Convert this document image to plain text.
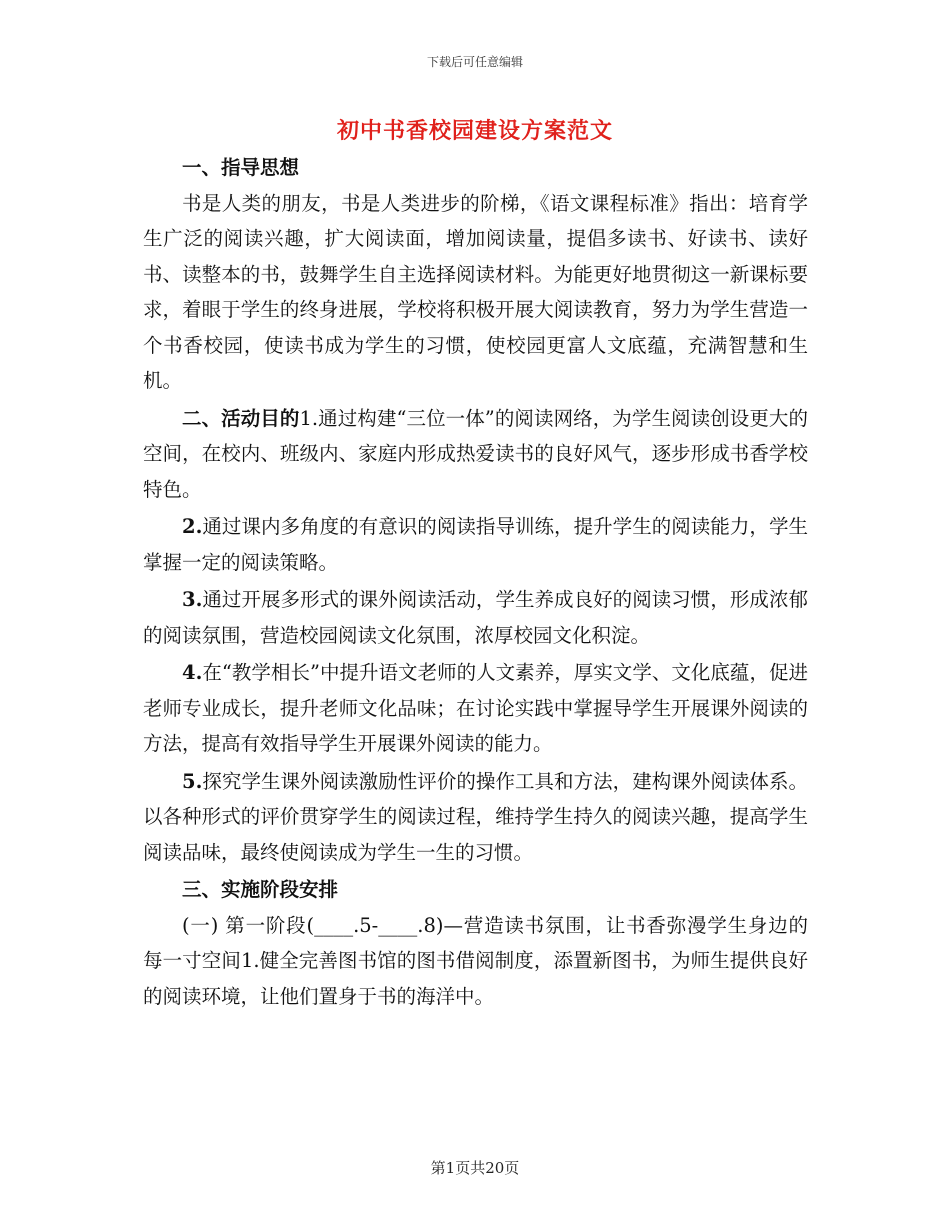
下载后可任意编辑
初中书香校园建设方案范文

一、指导思想

书是人类的朋友，书是人类进步的阶梯，《语文课程标准》指出：培育学生广泛的阅读兴趣，扩大阅读面，增加阅读量，提倡多读书、好读书、读好书、读整本的书，鼓舞学生自主选择阅读材料。为能更好地贯彻这一新课标要求，着眼于学生的终身进展，学校将积极开展大阅读教育，努力为学生营造一个书香校园，使读书成为学生的习惯，使校园更富人文底蕴，充满智慧和生机。

二、活动目的1.通过构建“三位一体”的阅读网络，为学生阅读创设更大的空间，在校内、班级内、家庭内形成热爱读书的良好风气，逐步形成书香学校特色。

2.通过课内多角度的有意识的阅读指导训练，提升学生的阅读能力，学生掌握一定的阅读策略。

3.通过开展多形式的课外阅读活动，学生养成良好的阅读习惯，形成浓郁的阅读氛围，营造校园阅读文化氛围，浓厚校园文化积淀。

4.在“教学相长”中提升语文老师的人文素养，厚实文学、文化底蕴，促进老师专业成长，提升老师文化品味；在讨论实践中掌握导学生开展课外阅读的方法，提高有效指导学生开展课外阅读的能力。

5.探究学生课外阅读激励性评价的操作工具和方法，建构课外阅读体系。以各种形式的评价贯穿学生的阅读过程，维持学生持久的阅读兴趣，提高学生阅读品味，最终使阅读成为学生一生的习惯。

三、实施阶段安排

(一) 第一阶段(____.5-____.8)—营造读书氛围，让书香弥漫学生身边的每一寸空间1.健全完善图书馆的图书借阅制度，添置新图书，为师生提供良好的阅读环境，让他们置身于书的海洋中。

第1页共20页
